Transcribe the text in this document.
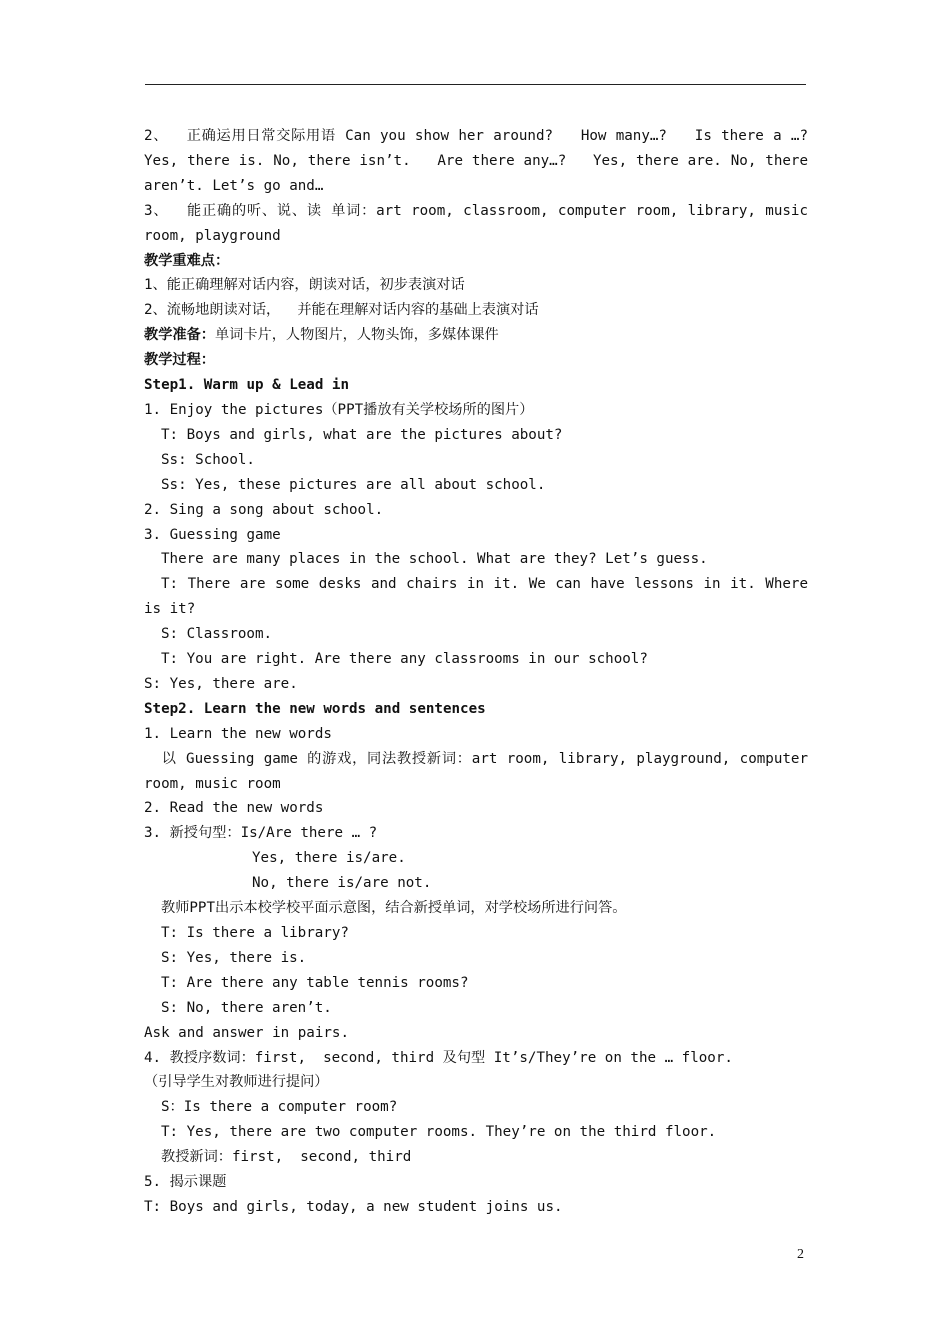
2、  正确运用日常交际用语 Can you show her around?   How many…?   Is there a …?   Yes, there is. No, there isn’t.   Are there any…?   Yes, there are. No, there aren’t. Let’s go and…
3、  能正确的听、说、读 单词：art room, classroom, computer room, library, music room, playground
教学重难点：
1、能正确理解对话内容，朗读对话，初步表演对话
2、流畅地朗读对话，  并能在理解对话内容的基础上表演对话
教学准备：单词卡片，人物图片，人物头饰，多媒体课件
教学过程：
Step1. Warm up & Lead in
1. Enjoy the pictures（PPT播放有关学校场所的图片）
T: Boys and girls, what are the pictures about?
Ss: School.
Ss: Yes, these pictures are all about school.
2. Sing a song about school.
3. Guessing game
There are many places in the school. What are they? Let’s guess.
T: There are some desks and chairs in it. We can have lessons in it. Where is it?
S: Classroom.
T: You are right. Are there any classrooms in our school?
S: Yes, there are.
Step2. Learn the new words and sentences
1. Learn the new words
以 Guessing game 的游戏，同法教授新词：art room, library, playground, computer room, music room
2. Read the new words
3. 新授句型：Is/Are there … ?
Yes, there is/are.
No, there is/are not.
教师PPT出示本校学校平面示意图，结合新授单词，对学校场所进行问答。
T: Is there a library?
S: Yes, there is.
T: Are there any table tennis rooms?
S: No, there aren’t.
Ask and answer in pairs.
4. 教授序数词：first,  second, third 及句型 It’s/They’re on the … floor.
（引导学生对教师进行提问）
S：Is there a computer room?
T: Yes, there are two computer rooms. They’re on the third floor.
教授新词：first,  second, third
5. 揭示课题
T: Boys and girls, today, a new student joins us.
2
